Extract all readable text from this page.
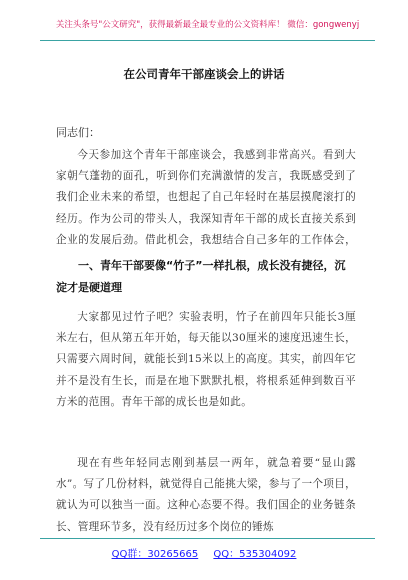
关注头条号"公文研究"，获得最新最全最专业的公文资料库！ 微信：gongwenyj
在公司青年干部座谈会上的讲话
同志们：

今天参加这个青年干部座谈会，我感到非常高兴。看到大家朝气蓬勃的面孔，听到你们充满激情的发言，我既感受到了我们企业未来的希望，也想起了自己年轻时在基层摸爬滚打的经历。作为公司的带头人，我深知青年干部的成长直接关系到企业的发展后劲。借此机会，我想结合自己多年的工作体会，

一、青年干部要像“竹子”一样扎根，成长没有捷径，沉淀才是硬道理

大家都见过竹子吧？实验表明，竹子在前四年只能长3厘米左右，但从第五年开始，每天能以30厘米的速度迅速生长，只需要六周时间，就能长到15米以上的高度。其实，前四年它并不是没有生长，而是在地下默默扎根，将根系延伸到数百平方米的范围。青年干部的成长也是如此。

现在有些年轻同志刚到基层一两年，就急着要“显山露水”。写了几份材料，就觉得自己能挑大梁，参与了一个项目，就认为可以独当一面。这种心态要不得。我们国企的业务链条长、管理环节多，没有经历过多个岗位的锤炼

QQ群：30265665 QQ：535304092
